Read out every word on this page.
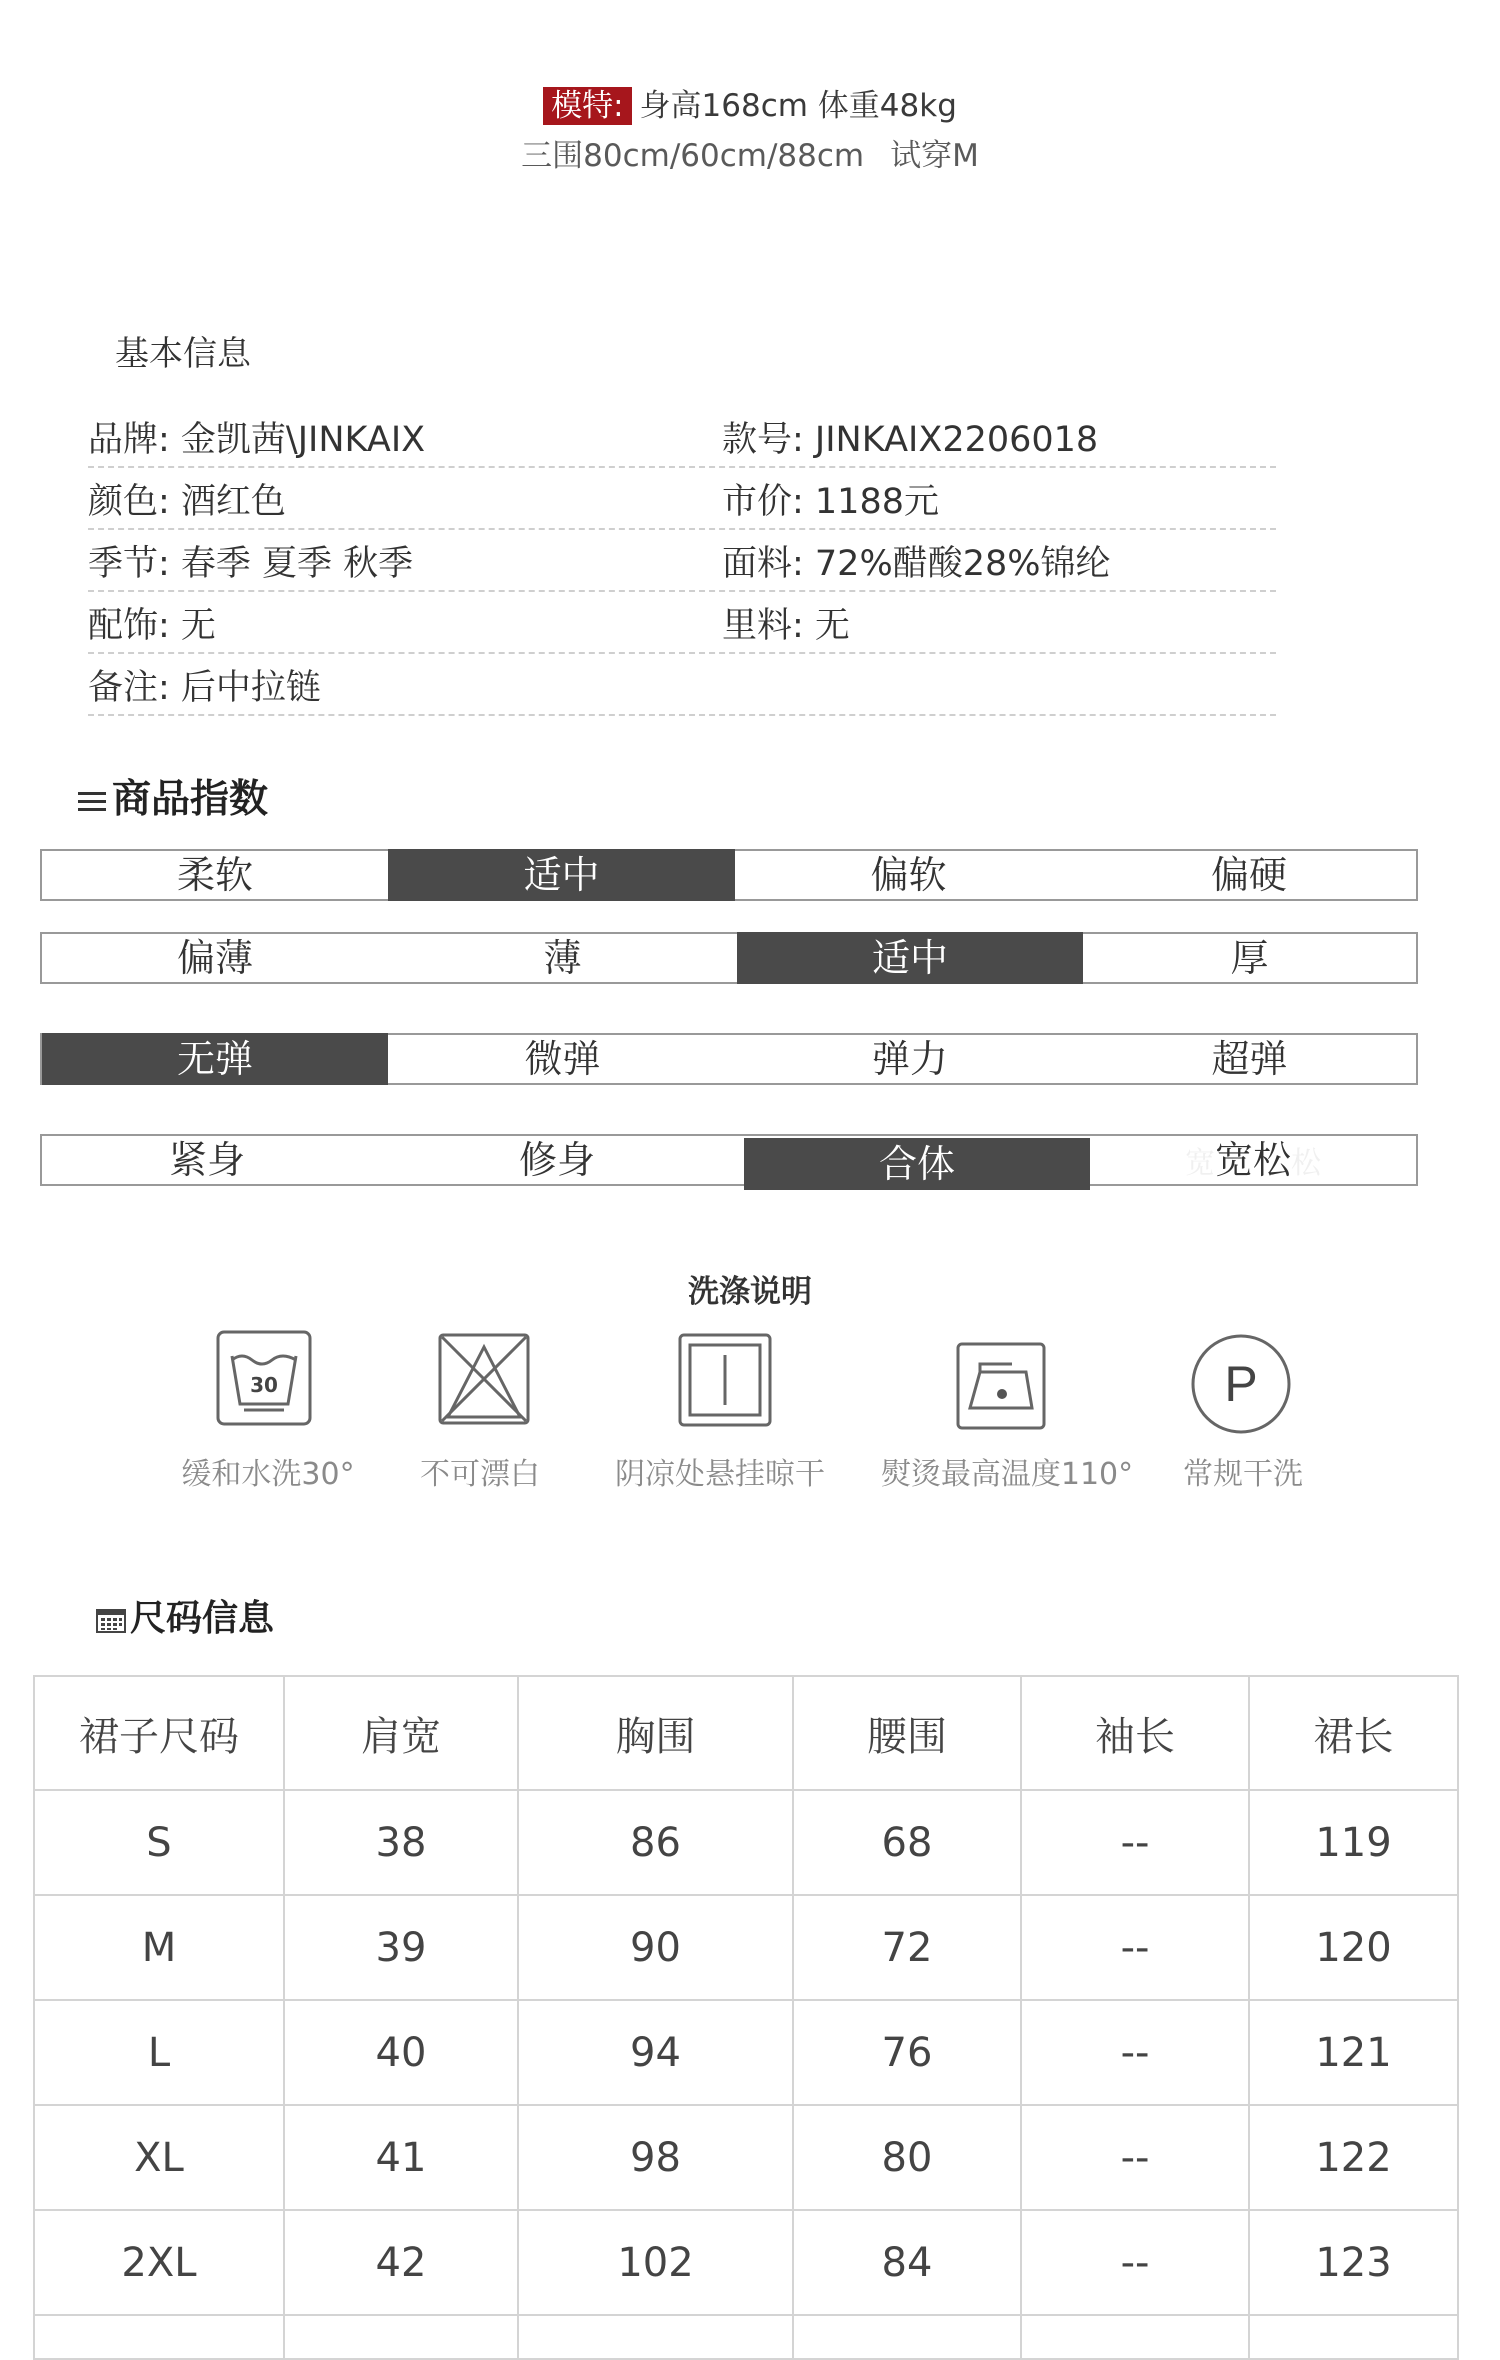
模特: 身高168cm 体重48kg
三围80cm/60cm/88cm 试穿M
基本信息
品牌: 金凯茜\JINKAIX	款号: JINKAIX2206018
颜色: 酒红色	市价: 1188元
季节: 春季 夏季 秋季	面料: 72%醋酸28%锦纶
配饰: 无	里料: 无
备注: 后中拉链
商品指数
柔软	适中	偏软	偏硬
偏薄	薄	适中	厚
无弹	微弹	弹力	超弹
紧身	修身	合体	宽宽松松
洗涤说明
30	P
缓和水洗30°	不可漂白	阴凉处悬挂晾干	熨烫最高温度110°	常规干洗
尺码信息
裙子尺码	肩宽	胸围	腰围	袖长	裙长
S	38	86	68	--	119
M	39	90	72	--	120
L	40	94	76	--	121
XL	41	98	80	--	122
2XL	42	102	84	--	123
